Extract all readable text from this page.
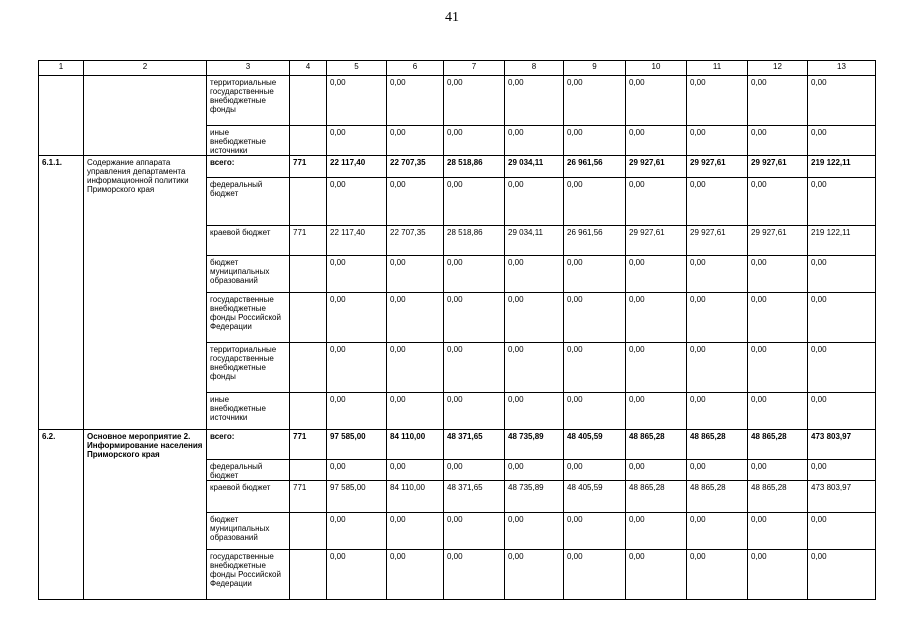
41
1	2	3	4	5	6	7	8	9	10	11	12	13
		территориальные государственные внебюджетные фонды		0,00	0,00	0,00	0,00	0,00	0,00	0,00	0,00	0,00
		иные внебюджетные источники		0,00	0,00	0,00	0,00	0,00	0,00	0,00	0,00	0,00
6.1.1.	Содержание аппарата управления департамента информационной политики Приморского края	всего:	771	22 117,40	22 707,35	28 518,86	29 034,11	26 961,56	29 927,61	29 927,61	29 927,61	219 122,11
		федеральный бюджет		0,00	0,00	0,00	0,00	0,00	0,00	0,00	0,00	0,00
		краевой бюджет	771	22 117,40	22 707,35	28 518,86	29 034,11	26 961,56	29 927,61	29 927,61	29 927,61	219 122,11
		бюджет муниципальных образований		0,00	0,00	0,00	0,00	0,00	0,00	0,00	0,00	0,00
		государственные внебюджетные фонды Российской Федерации		0,00	0,00	0,00	0,00	0,00	0,00	0,00	0,00	0,00
		территориальные государственные внебюджетные фонды		0,00	0,00	0,00	0,00	0,00	0,00	0,00	0,00	0,00
		иные внебюджетные источники		0,00	0,00	0,00	0,00	0,00	0,00	0,00	0,00	0,00
6.2.	Основное мероприятие 2. Информирование населения Приморского края	всего:	771	97 585,00	84 110,00	48 371,65	48 735,89	48 405,59	48 865,28	48 865,28	48 865,28	473 803,97
		федеральный бюджет		0,00	0,00	0,00	0,00	0,00	0,00	0,00	0,00	0,00
		краевой бюджет	771	97 585,00	84 110,00	48 371,65	48 735,89	48 405,59	48 865,28	48 865,28	48 865,28	473 803,97
		бюджет муниципальных образований		0,00	0,00	0,00	0,00	0,00	0,00	0,00	0,00	0,00
		государственные внебюджетные фонды Российской Федерации		0,00	0,00	0,00	0,00	0,00	0,00	0,00	0,00	0,00
